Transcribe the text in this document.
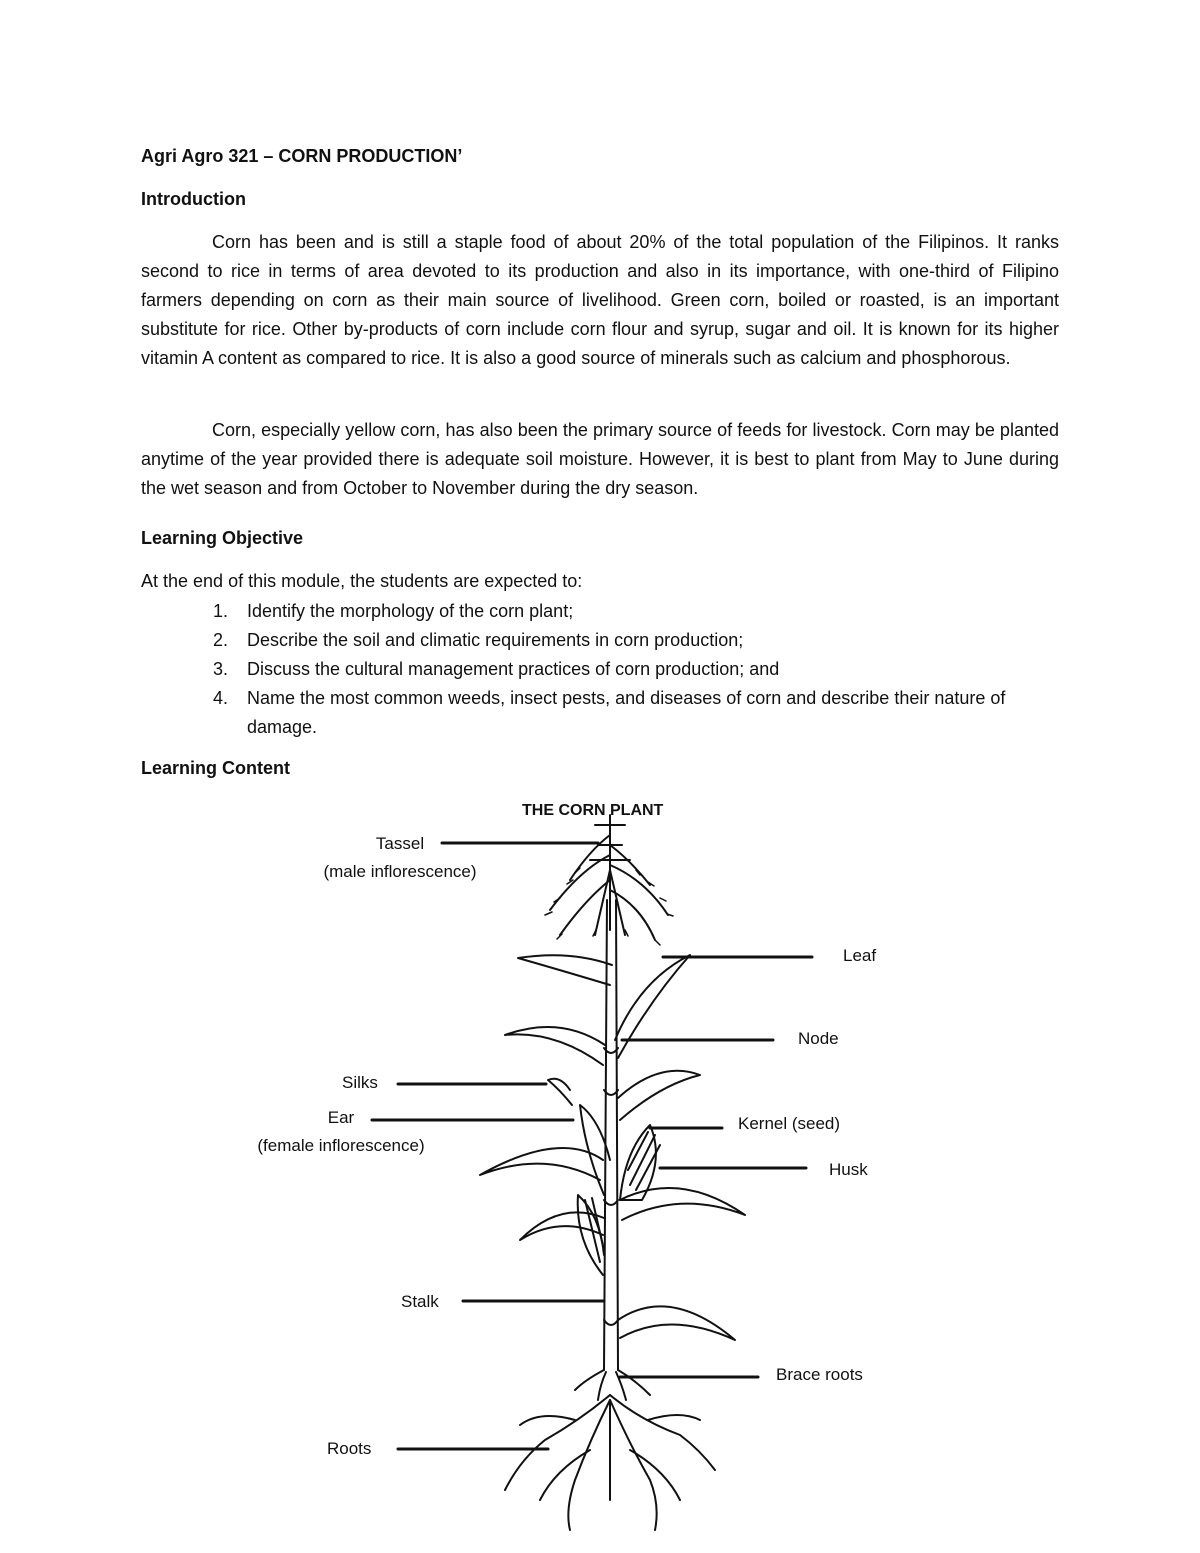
Agri Agro 321 – CORN PRODUCTION’
Introduction

Corn has been and is still a staple food of about 20% of the total population of the Filipinos. It ranks second to rice in terms of area devoted to its production and also in its importance, with one-third of Filipino farmers depending on corn as their main source of livelihood. Green corn, boiled or roasted, is an important substitute for rice. Other by-products of corn include corn flour and syrup, sugar and oil. It is known for its higher vitamin A content as compared to rice. It is also a good source of minerals such as calcium and phosphorous.

Corn, especially yellow corn, has also been the primary source of feeds for livestock. Corn may be planted anytime of the year provided there is adequate soil moisture. However, it is best to plant from May to June during the wet season and from October to November during the dry season.

Learning Objective
At the end of this module, the students are expected to:
1. Identify the morphology of the corn plant;
2. Describe the soil and climatic requirements in corn production;
3. Discuss the cultural management practices of corn production; and
4. Name the most common weeds, insect pests, and diseases of corn and describe their nature of damage.
Learning Content
THE CORN PLANT
Tassel
(male inflorescence)
Leaf
Node
Silks
Ear
(female inflorescence)
Kernel (seed)
Husk
Stalk
Brace roots
Roots
